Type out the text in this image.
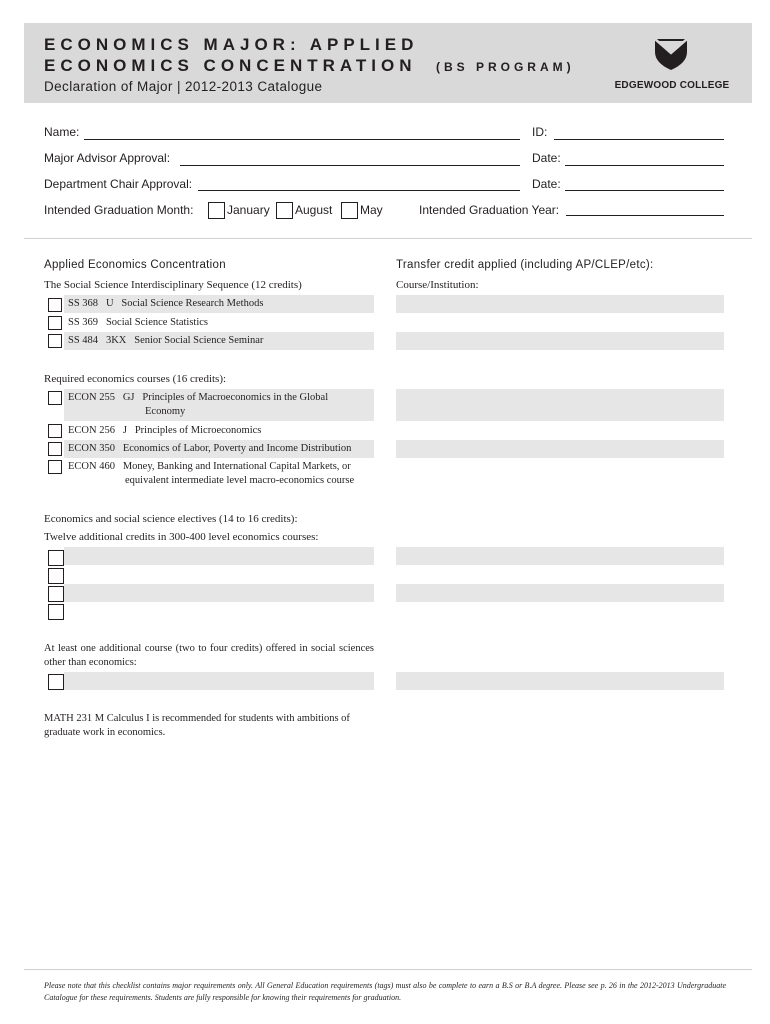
ECONOMICS MAJOR: APPLIED
ECONOMICS CONCENTRATION (BS PROGRAM)
Declaration of Major | 2012-2013 Catalogue	EDGEWOOD COLLEGE
Name:	ID:
Major Advisor Approval:	Date:
Department Chair Approval:	Date:
Intended Graduation Month:	January August May	Intended Graduation Year:
Applied Economics Concentration
The Social Science Interdisciplinary Sequence (12 credits)
SS 368 U Social Science Research Methods
SS 369 Social Science Statistics
SS 484 3KX Senior Social Science Seminar
Required economics courses (16 credits):
ECON 255 GJ Principles of Macroeconomics in the Global
Economy
ECON 256 J Principles of Microeconomics
ECON 350 Economics of Labor, Poverty and Income Distribution
ECON 460 Money, Banking and International Capital Markets, or
equivalent intermediate level macro-economics course
Economics and social science electives (14 to 16 credits):
Twelve additional credits in 300-400 level economics courses:
At least one additional course (two to four credits) offered in social sciences other than economics:
MATH 231 M Calculus I is recommended for students with ambitions of graduate work in economics.
Transfer credit applied (including AP/CLEP/etc):
Course/Institution:
Please note that this checklist contains major requirements only. All General Education requirements (tags) must also be complete to earn a B.S or B.A degree. Please see p. 26 in the 2012-2013 Undergraduate Catalogue for these requirements. Students are fully responsible for knowing their requirements for graduation.
